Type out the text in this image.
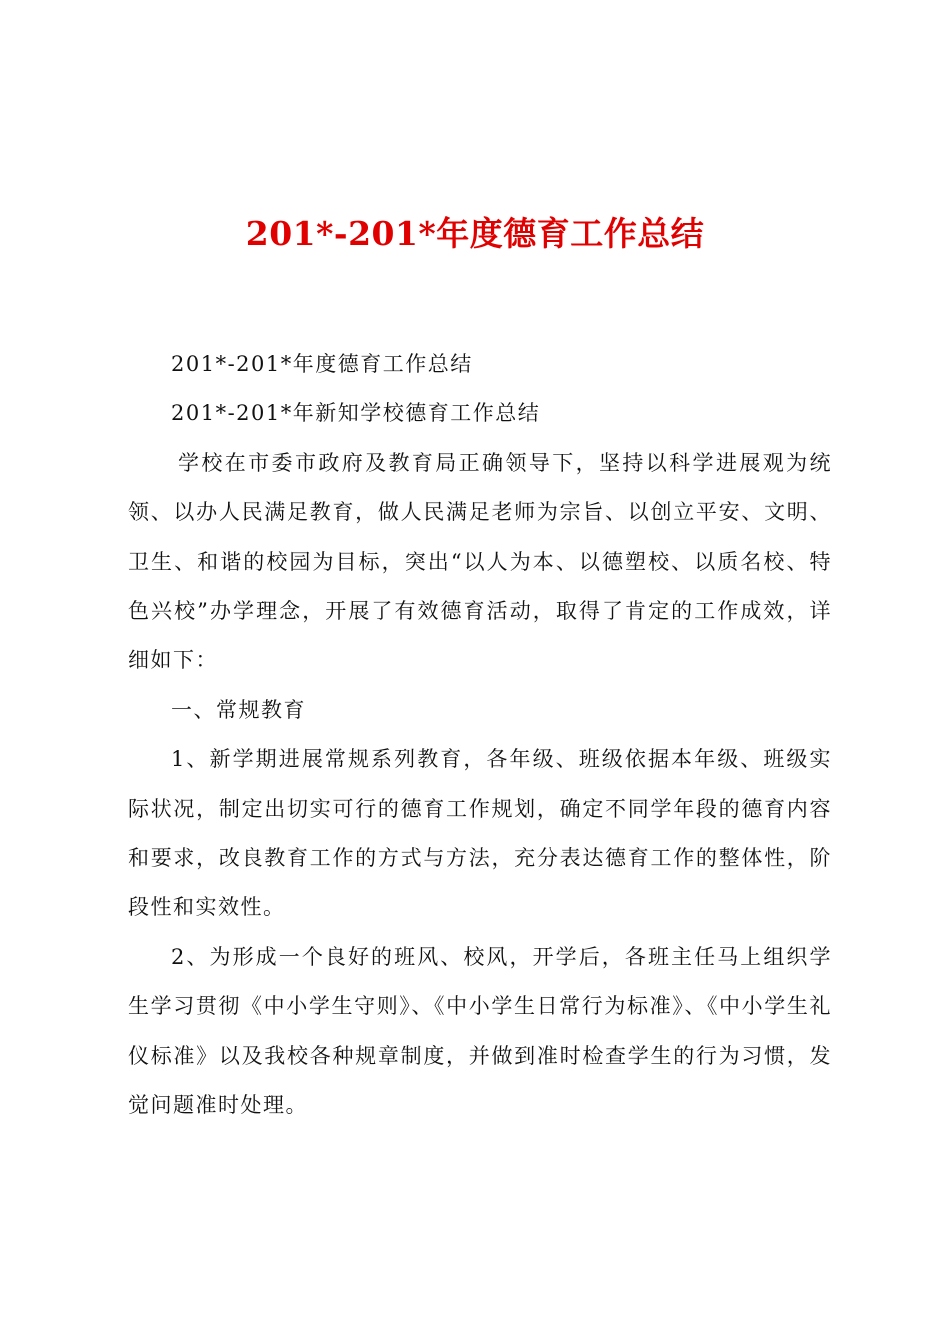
201*-201*年度德育工作总结

201*-201*年度德育工作总结

201*-201*年新知学校德育工作总结

学校在市委市政府及教育局正确领导下，坚持以科学进展观为统领、以办人民满足教育，做人民满足老师为宗旨、以创立平安、文明、卫生、和谐的校园为目标，突出“以人为本、以德塑校、以质名校、特色兴校”办学理念，开展了有效德育活动，取得了肯定的工作成效，详细如下：

一、常规教育

1、新学期进展常规系列教育，各年级、班级依据本年级、班级实际状况，制定出切实可行的德育工作规划，确定不同学年段的德育内容和要求，改良教育工作的方式与方法，充分表达德育工作的整体性，阶段性和实效性。

2、为形成一个良好的班风、校风，开学后，各班主任马上组织学生学习贯彻《中小学生守则》、《中小学生日常行为标准》、《中小学生礼仪标准》以及我校各种规章制度，并做到准时检查学生的行为习惯，发觉问题准时处理。
